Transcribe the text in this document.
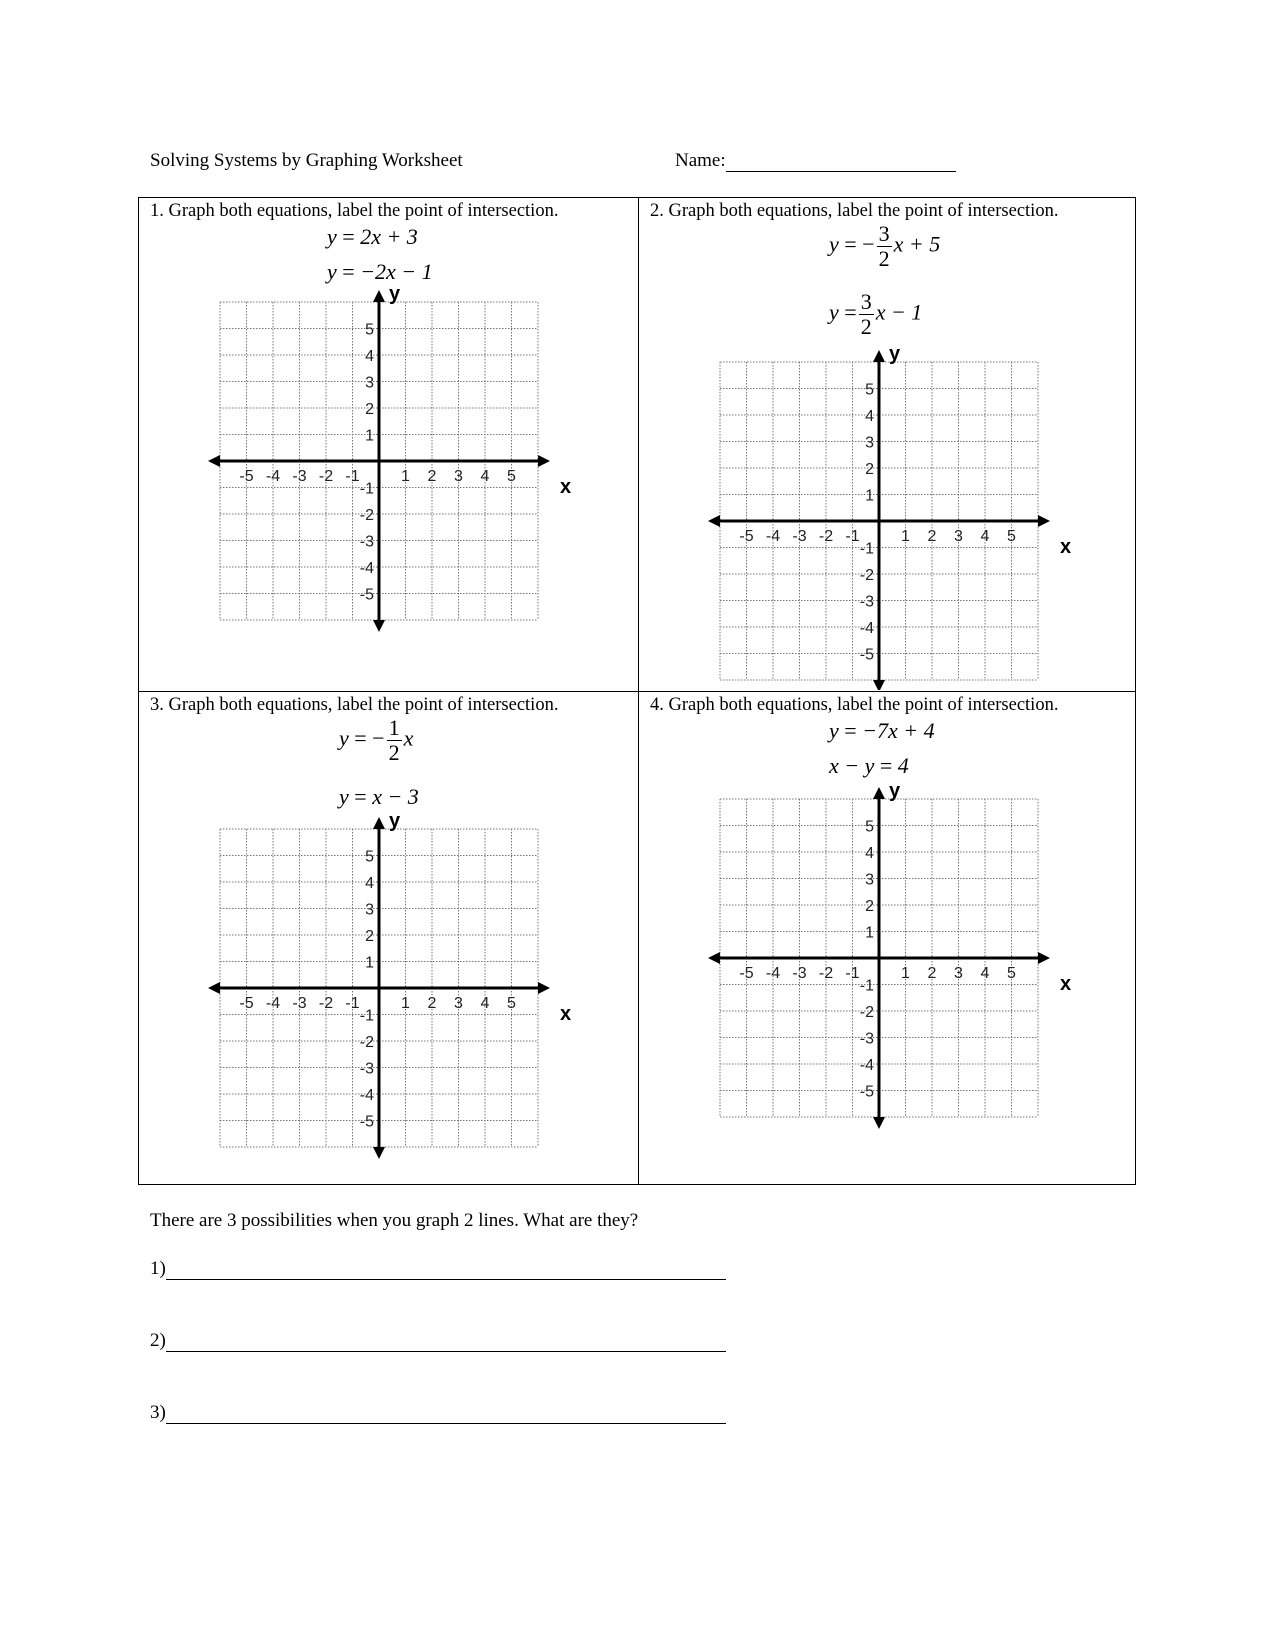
Solving Systems by Graphing Worksheet	Name:
1. Graph both equations, label the point of intersection.
y = 2x + 3
y = −2x − 1
-5 -4 -3 -2 -1	1 2 3 4 5
5
4
3
2
1
-1
-2
-3
-4
-5
x
y
2. Graph both equations, label the point of intersection.
y = − $\frac{3}{2}$ x + 5
$y = \frac{3}{2}$ x − 1
-5 -4 -3 -2 -1	1 2 3 4 5
5
4
3
2
1
-1
-2
-3
-4
-5
x
y
3. Graph both equations, label the point of intersection.
y = − $\frac{1}{2}$ x
y = x − 3
-5 -4 -3 -2 -1	1 2 3 4 5
5
4
3
2
1
-1
-2
-3
-4
-5
x
y
4. Graph both equations, label the point of intersection.
y = −7x + 4
x − y = 4
-5 -4 -3 -2 -1	1 2 3 4 5
5
4
3
2
1
-1
-2
-3
-4
-5
x
y
There are 3 possibilities when you graph 2 lines. What are they?
1)
2)
3)
